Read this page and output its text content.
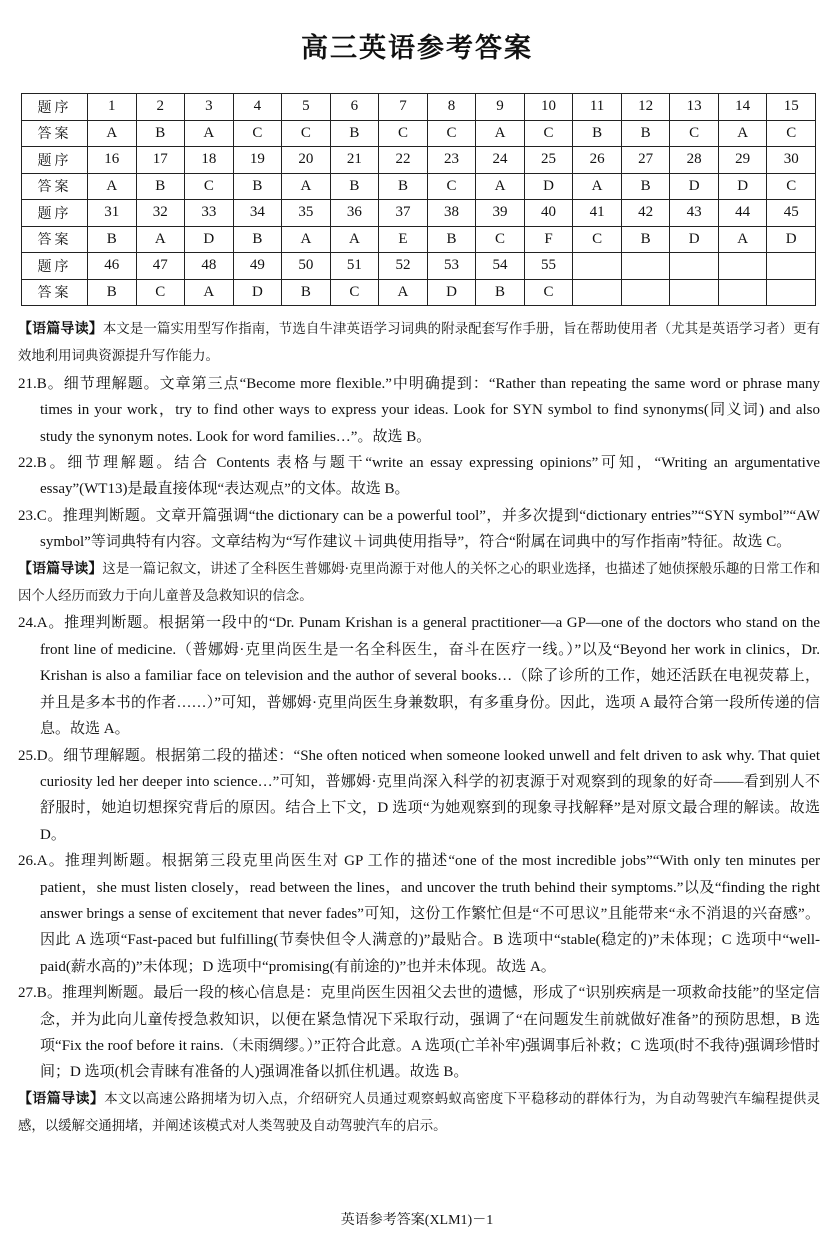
高三英语参考答案
题序	1	2	3	4	5	6	7	8	9	10	11	12	13	14	15
答案	A	B	A	C	C	B	C	C	A	C	B	B	C	A	C
题序	16	17	18	19	20	21	22	23	24	25	26	27	28	29	30
答案	A	B	C	B	A	B	B	C	A	D	A	B	D	D	C
题序	31	32	33	34	35	36	37	38	39	40	41	42	43	44	45
答案	B	A	D	B	A	A	E	B	C	F	C	B	D	A	D
题序	46	47	48	49	50	51	52	53	54	55					
答案	B	C	A	D	B	C	A	D	B	C					

【语篇导读】本文是一篇实用型写作指南，节选自牛津英语学习词典的附录配套写作手册，旨在帮助使用者（尤其是英语学习者）更有效地利用词典资源提升写作能力。

21.B。细节理解题。文章第三点“Become more flexible.”中明确提到：“Rather than repeating the same word or phrase many times in your work，try to find other ways to express your ideas. Look for SYN symbol to find synonyms(同义词) and also study the synonym notes. Look for word families…”。故选 B。

22.B。细节理解题。结合 Contents 表格与题干“write an essay expressing opinions”可知，“Writing an argumentative essay”(WT13)是最直接体现“表达观点”的文体。故选 B。

23.C。推理判断题。文章开篇强调“the dictionary can be a powerful tool”，并多次提到“dictionary entries”“SYN symbol”“AW symbol”等词典特有内容。文章结构为“写作建议＋词典使用指导”，符合“附属在词典中的写作指南”特征。故选 C。

【语篇导读】这是一篇记叙文，讲述了全科医生普娜姆·克里尚源于对他人的关怀之心的职业选择，也描述了她侦探般乐趣的日常工作和因个人经历而致力于向儿童普及急救知识的信念。

24.A。推理判断题。根据第一段中的“Dr. Punam Krishan is a general practitioner—a GP—one of the doctors who stand on the front line of medicine.（普娜姆·克里尚医生是一名全科医生，奋斗在医疗一线。）”以及“Beyond her work in clinics，Dr. Krishan is also a familiar face on television and the author of several books…（除了诊所的工作，她还活跃在电视荧幕上，并且是多本书的作者……）”可知，普娜姆·克里尚医生身兼数职，有多重身份。因此，选项 A 最符合第一段所传递的信息。故选 A。

25.D。细节理解题。根据第二段的描述：“She often noticed when someone looked unwell and felt driven to ask why. That quiet curiosity led her deeper into science…”可知，普娜姆·克里尚深入科学的初衷源于对观察到的现象的好奇——看到别人不舒服时，她迫切想探究背后的原因。结合上下文，D 选项“为她观察到的现象寻找解释”是对原文最合理的解读。故选 D。

26.A。推理判断题。根据第三段克里尚医生对 GP 工作的描述“one of the most incredible jobs”“With only ten minutes per patient，she must listen closely，read between the lines，and uncover the truth behind their symptoms.”以及“finding the right answer brings a sense of excitement that never fades”可知，这份工作繁忙但是“不可思议”且能带来“永不消退的兴奋感”。因此 A 选项“Fast-paced but fulfilling(节奏快但令人满意的)”最贴合。B 选项中“stable(稳定的)”未体现；C 选项中“well-paid(薪水高的)”未体现；D 选项中“promising(有前途的)”也并未体现。故选 A。

27.B。推理判断题。最后一段的核心信息是：克里尚医生因祖父去世的遗憾，形成了“识别疾病是一项救命技能”的坚定信念，并为此向儿童传授急救知识，以便在紧急情况下采取行动，强调了“在问题发生前就做好准备”的预防思想，B 选项“Fix the roof before it rains.（未雨绸缪。）”正符合此意。A 选项(亡羊补牢)强调事后补救；C 选项(时不我待)强调珍惜时间；D 选项(机会青睐有准备的人)强调准备以抓住机遇。故选 B。

【语篇导读】本文以高速公路拥堵为切入点，介绍研究人员通过观察蚂蚁高密度下平稳移动的群体行为，为自动驾驶汽车编程提供灵感，以缓解交通拥堵，并阐述该模式对人类驾驶及自动驾驶汽车的启示。

英语参考答案(XLM1)－1
